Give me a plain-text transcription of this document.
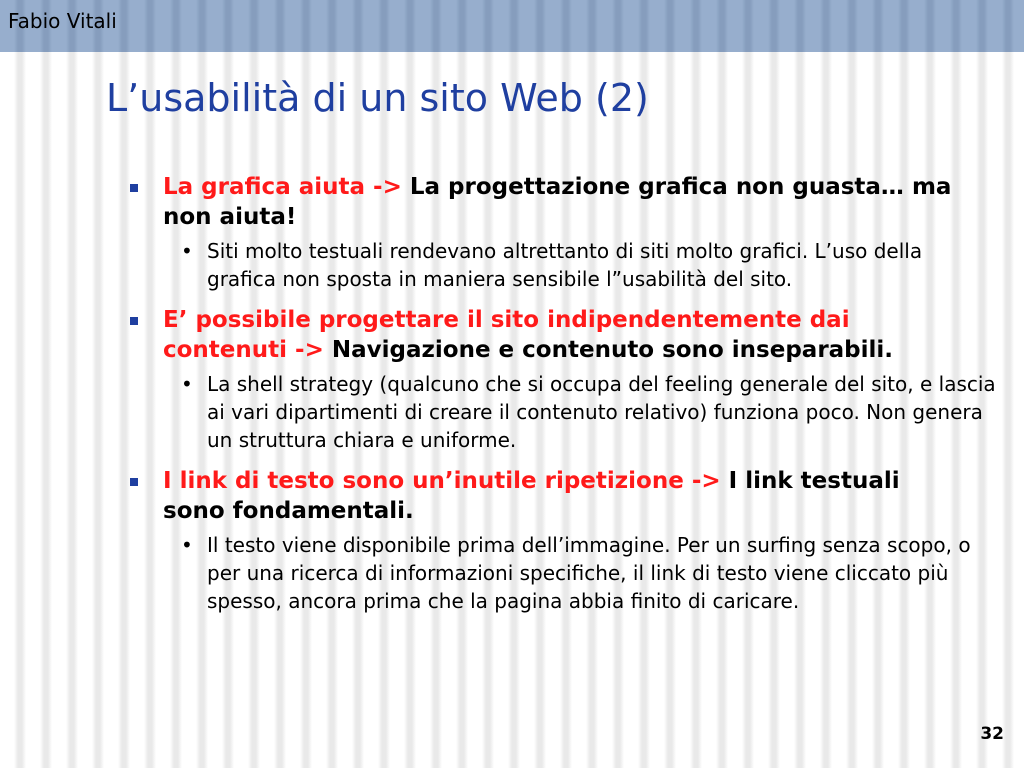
Fabio Vitali
L’usabilità di un sito Web (2)
La grafica aiuta -> La progettazione grafica non guasta… ma non aiuta!
• Siti molto testuali rendevano altrettanto di siti molto grafici. L’uso della grafica non sposta in maniera sensibile l”usabilità del sito.
E’ possibile progettare il sito indipendentemente dai contenuti -> Navigazione e contenuto sono inseparabili.
• La shell strategy (qualcuno che si occupa del feeling generale del sito, e lascia ai vari dipartimenti di creare il contenuto relativo) funziona poco. Non genera un struttura chiara e uniforme.
I link di testo sono un’inutile ripetizione -> I link testuali sono fondamentali.
• Il testo viene disponibile prima dell’immagine. Per un surfing senza scopo, o per una ricerca di informazioni specifiche, il link di testo viene cliccato più spesso, ancora prima che la pagina abbia finito di caricare.
32
